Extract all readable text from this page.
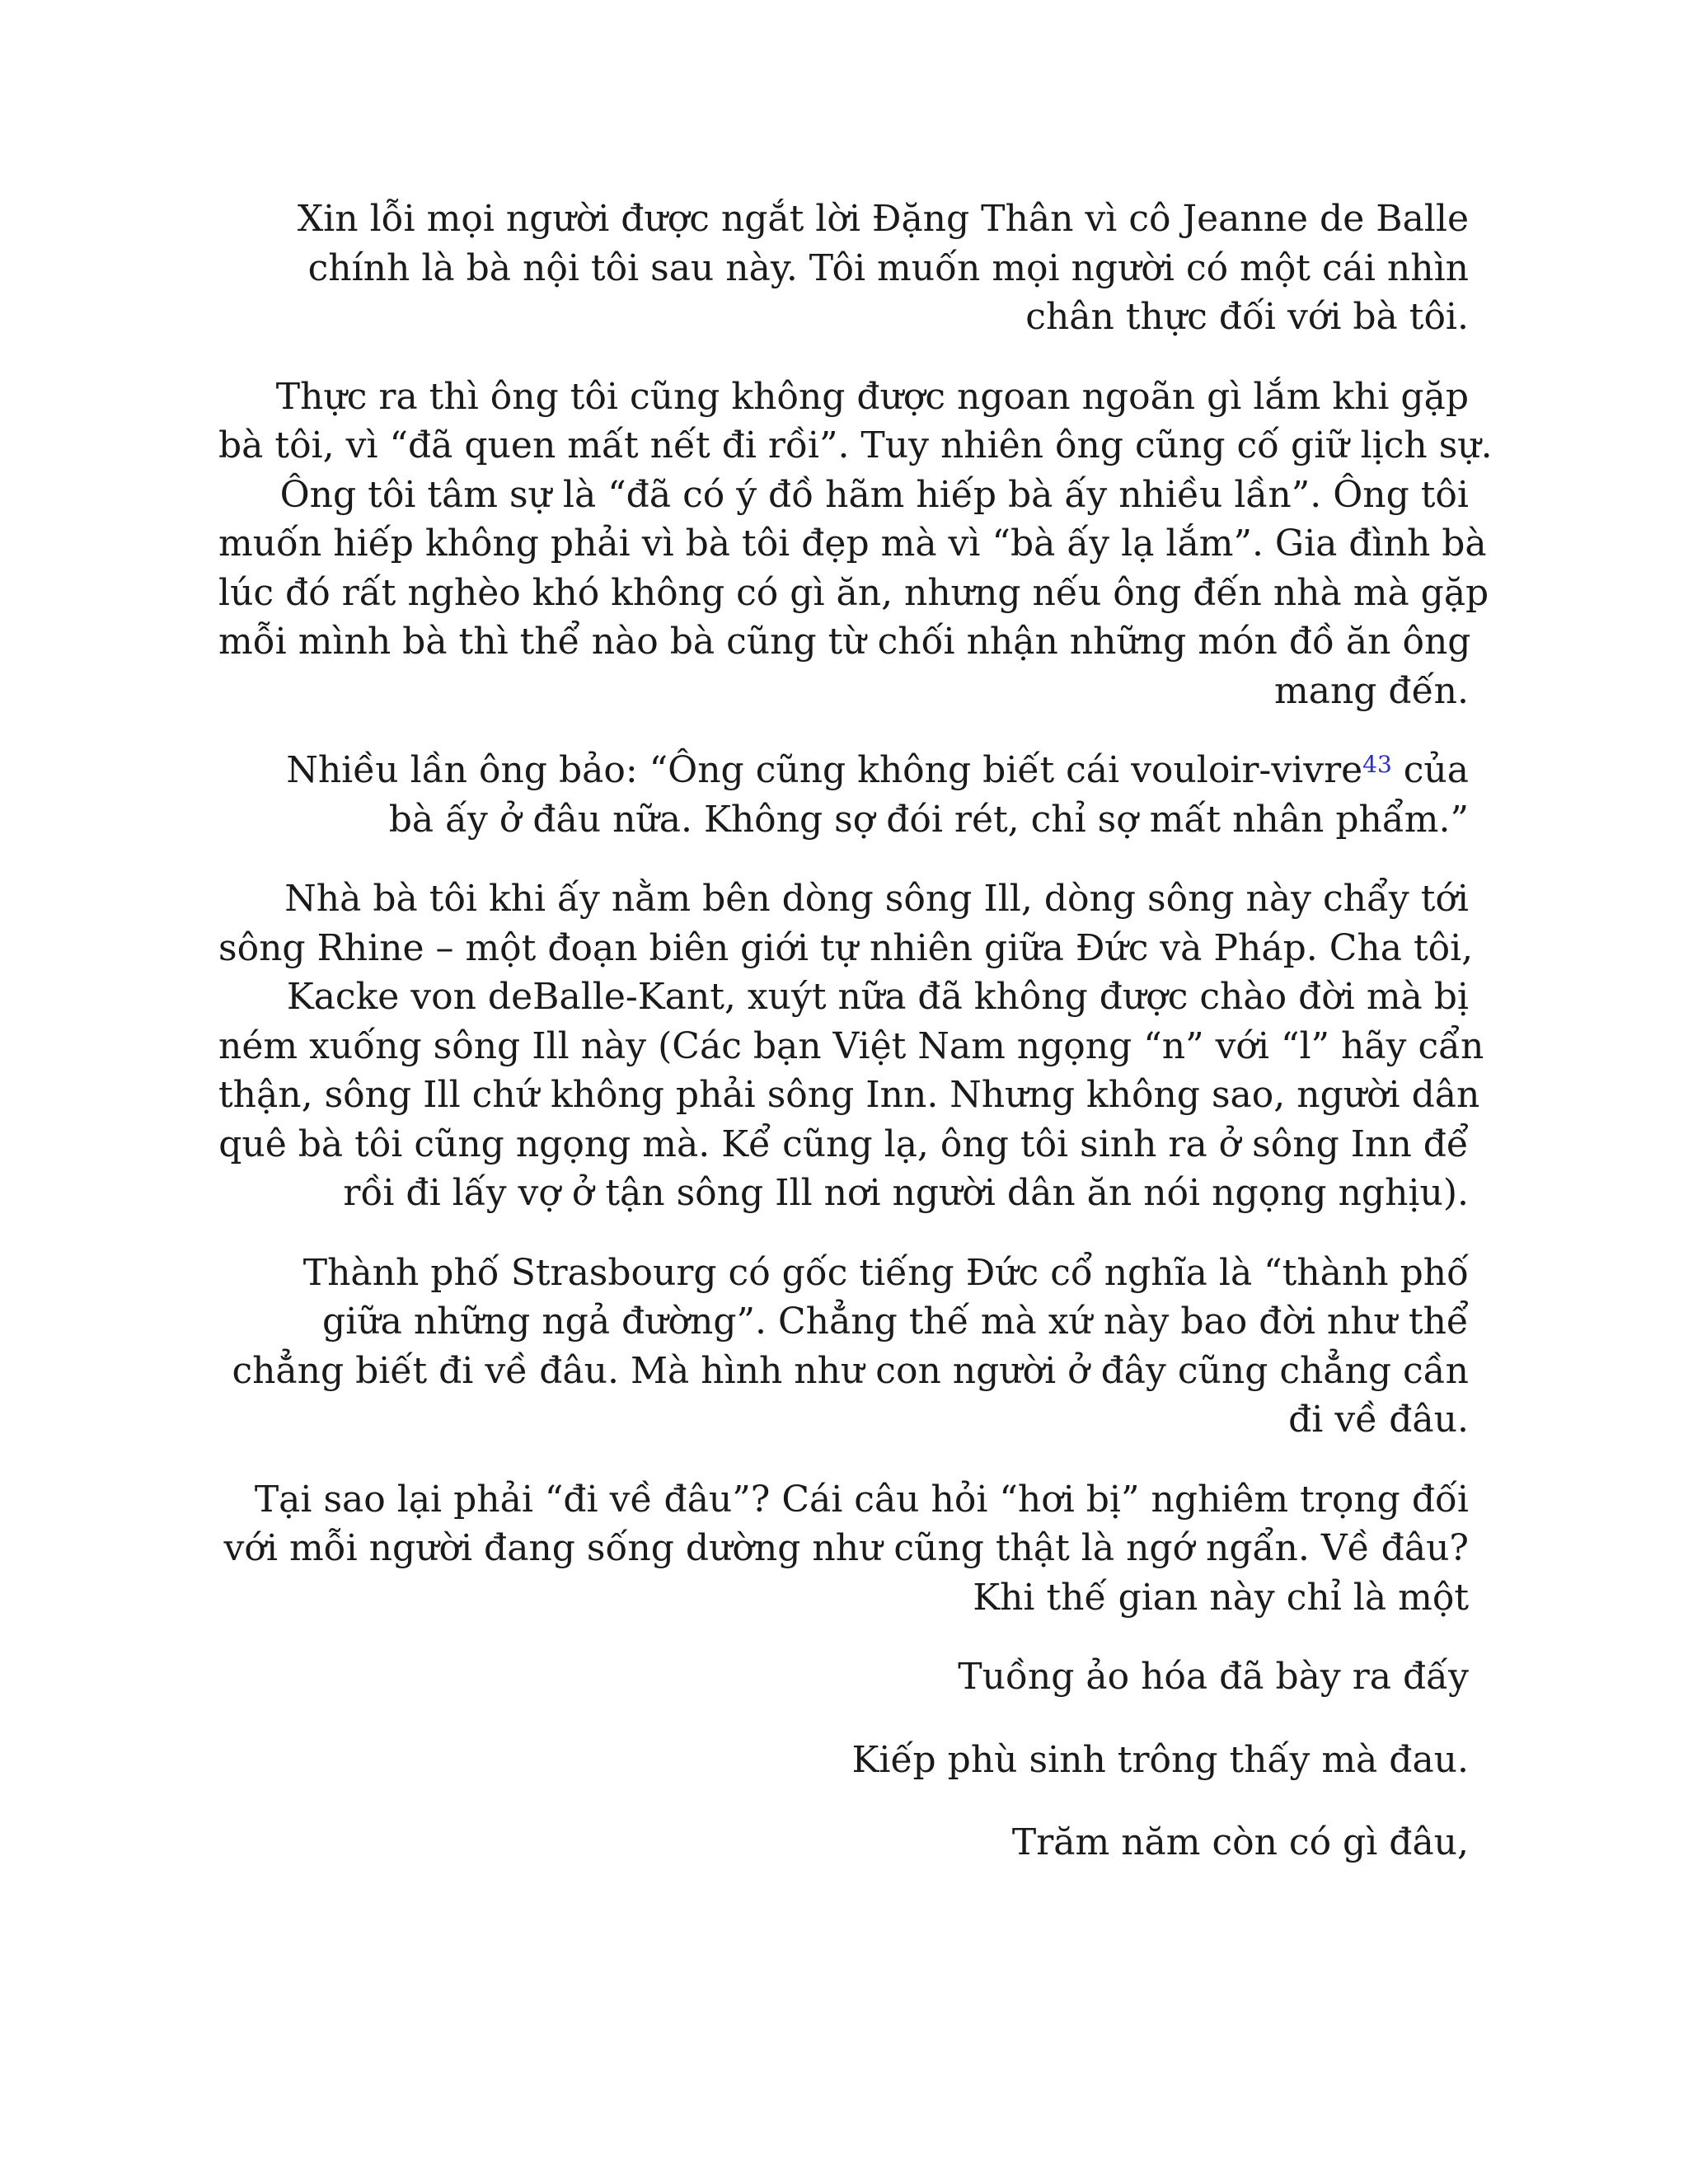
Xin lỗi mọi người được ngắt lời Đặng Thân vì cô Jeanne de Balle
chính là bà nội tôi sau này. Tôi muốn mọi người có một cái nhìn
chân thực đối với bà tôi.
Thực ra thì ông tôi cũng không được ngoan ngoãn gì lắm khi gặp
bà tôi, vì “đã quen mất nết đi rồi”. Tuy nhiên ông cũng cố giữ lịch sự.
Ông tôi tâm sự là “đã có ý đồ hãm hiếp bà ấy nhiều lần”. Ông tôi
muốn hiếp không phải vì bà tôi đẹp mà vì “bà ấy lạ lắm”. Gia đình bà
lúc đó rất nghèo khó không có gì ăn, nhưng nếu ông đến nhà mà gặp
mỗi mình bà thì thể nào bà cũng từ chối nhận những món đồ ăn ông
mang đến.
Nhiều lần ông bảo: “Ông cũng không biết cái vouloir-vivre$^{43}$ của
bà ấy ở đâu nữa. Không sợ đói rét, chỉ sợ mất nhân phẩm.”
Nhà bà tôi khi ấy nằm bên dòng sông Ill, dòng sông này chẩy tới
sông Rhine – một đoạn biên giới tự nhiên giữa Đức và Pháp. Cha tôi,
Kacke von deBalle-Kant, xuýt nữa đã không được chào đời mà bị
ném xuống sông Ill này (Các bạn Việt Nam ngọng “n” với “l” hãy cẩn
thận, sông Ill chứ không phải sông Inn. Nhưng không sao, người dân
quê bà tôi cũng ngọng mà. Kể cũng lạ, ông tôi sinh ra ở sông Inn để
rồi đi lấy vợ ở tận sông Ill nơi người dân ăn nói ngọng nghịu).
Thành phố Strasbourg có gốc tiếng Đức cổ nghĩa là “thành phố
giữa những ngả đường”. Chẳng thế mà xứ này bao đời như thể
chẳng biết đi về đâu. Mà hình như con người ở đây cũng chẳng cần
đi về đâu.
Tại sao lại phải “đi về đâu”? Cái câu hỏi “hơi bị” nghiêm trọng đối
với mỗi người đang sống dường như cũng thật là ngớ ngẩn. Về đâu?
Khi thế gian này chỉ là một
Tuồng ảo hóa đã bày ra đấy
Kiếp phù sinh trông thấy mà đau.
Trăm năm còn có gì đâu,
